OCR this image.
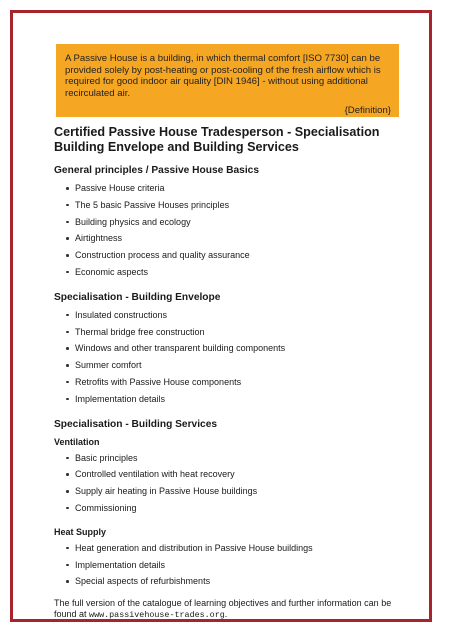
A Passive House is a building, in which thermal comfort [ISO 7730] can be provided solely by post-heating or post-cooling of the fresh airflow which is required for good indoor air quality [DIN 1946] - without using additional recirculated air.
{Definition}
Certified Passive House Tradesperson - Specialisation Building Envelope and Building Services
General principles / Passive House Basics
Passive House criteria
The 5 basic Passive Houses principles
Building physics and ecology
Airtightness
Construction process and quality assurance
Economic aspects
Specialisation - Building Envelope
Insulated constructions
Thermal bridge free construction
Windows and other transparent building components
Summer comfort
Retrofits with Passive House components
Implementation details
Specialisation - Building Services
Ventilation
Basic principles
Controlled ventilation with heat recovery
Supply air heating in Passive House buildings
Commissioning
Heat Supply
Heat generation and distribution in Passive House buildings
Implementation details
Special aspects of refurbishments

The full version of the catalogue of learning objectives and further information can be found at www.passivehouse-trades.org.
